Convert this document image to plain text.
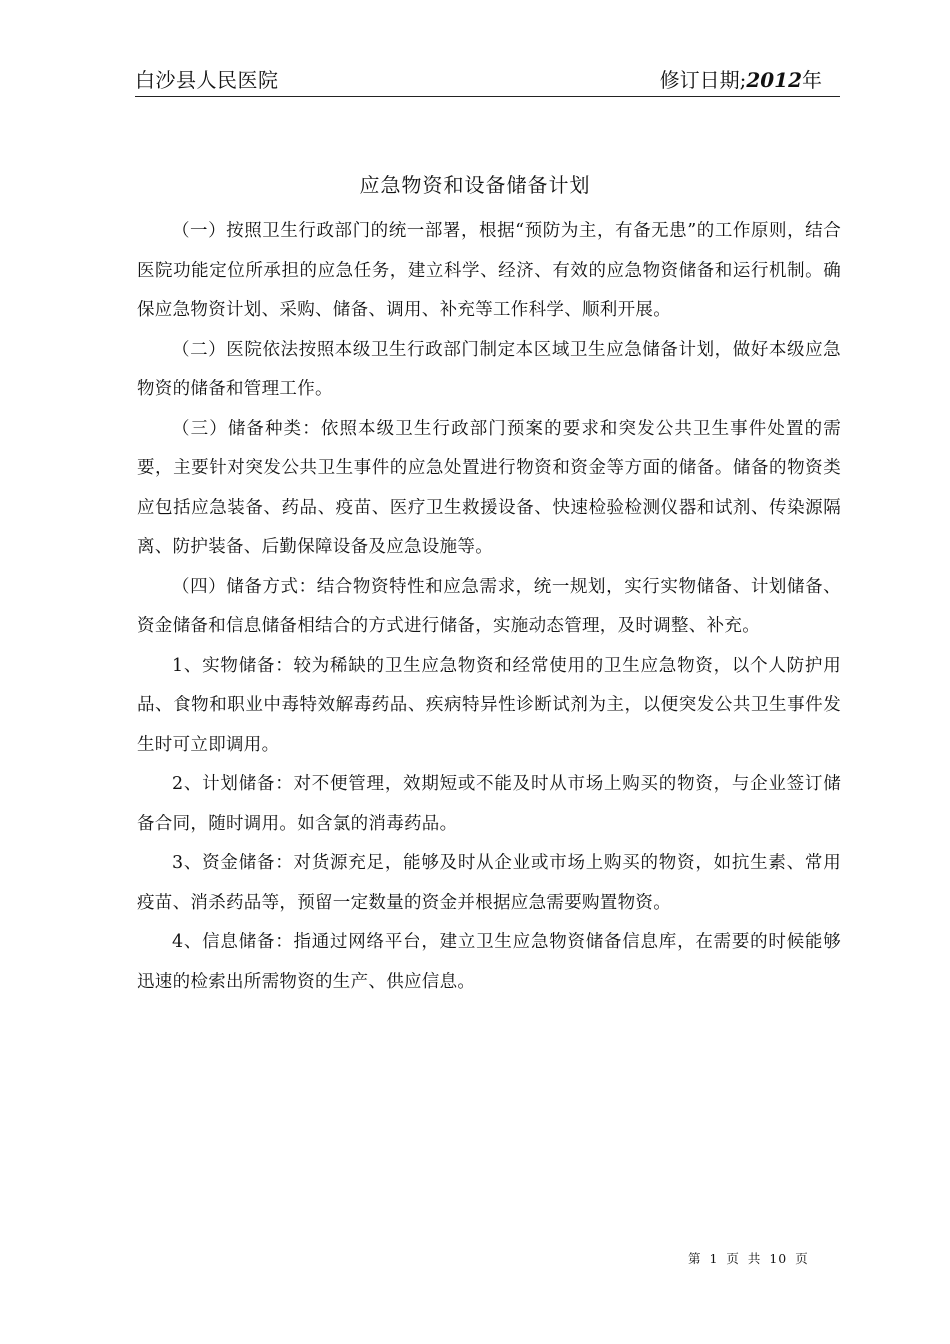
白沙县人民医院	修订日期;2012年
应急物资和设备储备计划

（一）按照卫生行政部门的统一部署，根据“预防为主，有备无患”的工作原则，结合医院功能定位所承担的应急任务，建立科学、经济、有效的应急物资储备和运行机制。确保应急物资计划、采购、储备、调用、补充等工作科学、顺利开展。

（二）医院依法按照本级卫生行政部门制定本区域卫生应急储备计划，做好本级应急物资的储备和管理工作。

（三）储备种类：依照本级卫生行政部门预案的要求和突发公共卫生事件处置的需要，主要针对突发公共卫生事件的应急处置进行物资和资金等方面的储备。储备的物资类应包括应急装备、药品、疫苗、医疗卫生救援设备、快速检验检测仪器和试剂、传染源隔离、防护装备、后勤保障设备及应急设施等。

（四）储备方式：结合物资特性和应急需求，统一规划，实行实物储备、计划储备、资金储备和信息储备相结合的方式进行储备，实施动态管理，及时调整、补充。

1、实物储备：较为稀缺的卫生应急物资和经常使用的卫生应急物资，以个人防护用品、食物和职业中毒特效解毒药品、疾病特异性诊断试剂为主，以便突发公共卫生事件发生时可立即调用。

2、计划储备：对不便管理，效期短或不能及时从市场上购买的物资，与企业签订储备合同，随时调用。如含氯的消毒药品。

3、资金储备：对货源充足，能够及时从企业或市场上购买的物资，如抗生素、常用疫苗、消杀药品等，预留一定数量的资金并根据应急需要购置物资。

4、信息储备：指通过网络平台，建立卫生应急物资储备信息库，在需要的时候能够迅速的检索出所需物资的生产、供应信息。

第 1 页 共 10 页
